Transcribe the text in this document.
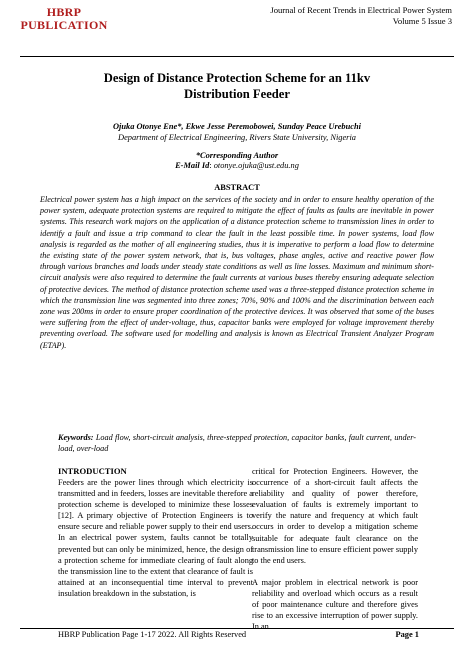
HBRP
PUBLICATION
Journal of Recent Trends in Electrical Power System
Volume 5 Issue 3
Design of Distance Protection Scheme for an 11kv
Distribution Feeder
Ojuka Otonye Ene*, Ekwe Jesse Peremobowei, Sunday Peace Urebuchi
Department of Electrical Engineering, Rivers State University, Nigeria
*Corresponding Author
E-Mail Id: otonye.ojuka@ust.edu.ng
ABSTRACT
Electrical power system has a high impact on the services of the society and in order to ensure healthy operation of the power system, adequate protection systems are required to mitigate the effect of faults as faults are inevitable in power systems. This research work majors on the application of a distance protection scheme to transmission lines in order to identify a fault and issue a trip command to clear the fault in the least possible time. In power systems, load flow analysis is regarded as the mother of all engineering studies, thus it is imperative to perform a load flow to determine the existing state of the power system network, that is, bus voltages, phase angles, active and reactive power flow through various branches and loads under steady state conditions as well as line losses. Maximum and minimum short-circuit analysis were also required to determine the fault currents at various buses thereby ensuring adequate selection of protective devices. The method of distance protection scheme used was a three-stepped distance protection scheme in which the transmission line was segmented into three zones; 70%, 90% and 100% and the discrimination between each zone was 200ms in order to ensure proper coordination of the protective devices. It was observed that some of the buses were suffering from the effect of under-voltage, thus, capacitor banks were employed for voltage improvement thereby preventing overload. The software used for modelling and analysis is known as Electrical Transient Analyzer Program (ETAP).
Keywords: Load flow, short-circuit analysis, three-stepped protection, capacitor banks, fault current, under-load, over-load

INTRODUCTION

Feeders are the power lines through which electricity is transmitted and in feeders, losses are inevitable therefore a protection scheme is developed to minimize these losses [12]. A primary objective of Protection Engineers is to ensure secure and reliable power supply to their end users. In an electrical power system, faults cannot be totally prevented but can only be minimized, hence, the design of a protection scheme for immediate clearing of fault along the transmission line to the extent that clearance of fault is attained at an inconsequential time interval to prevent insulation breakdown in the substation, is

critical for Protection Engineers. However, the occurrence of a short-circuit fault affects the reliability and quality of power therefore, evaluation of faults is extremely important to verify the nature and frequency at which fault occurs in order to develop a mitigation scheme suitable for adequate fault clearance on the transmission line to ensure efficient power supply to the end users.

A major problem in electrical network is poor reliability and overload which occurs as a result of poor maintenance culture and therefore gives rise to an excessive interruption of power supply. In an

HBRP Publication Page 1-17 2022. All Rights Reserved	Page 1
